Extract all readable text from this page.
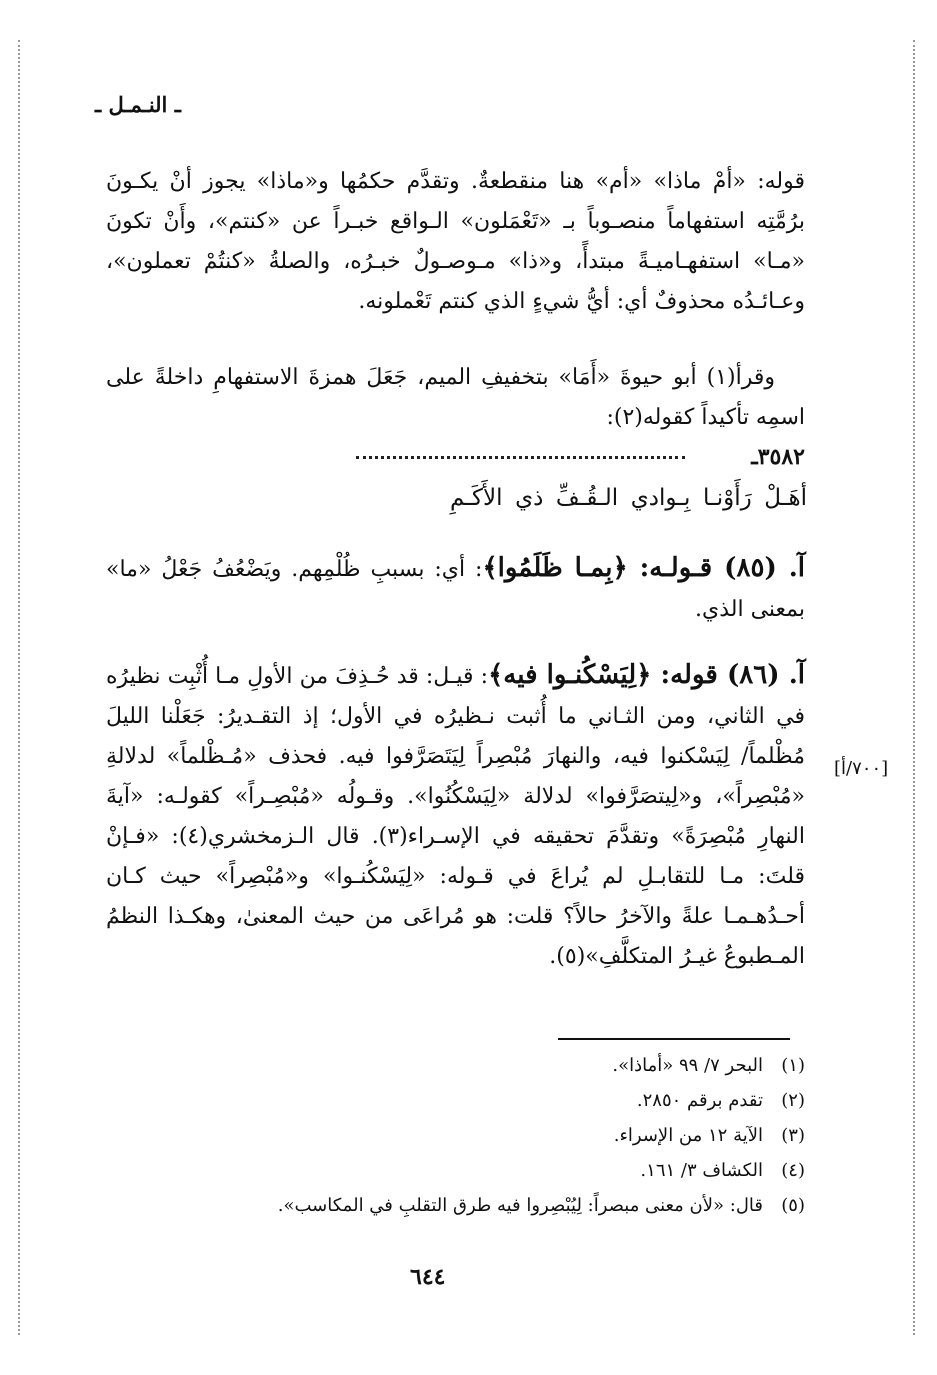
ـ النـمـل ـ
قوله: «أمْ ماذا» «أم» هنا منقطعةٌ. وتقدَّم حكمُها و«ماذا» يجوز أنْ يكـونَ برُمَّتِه استفهاماً منصـوباً بـ «تَعْمَلون» الـواقع خبـراً عن «كنتم»، وأَنْ تكونَ «مـا» استفهـاميـةً مبتدأً، و«ذا» مـوصـولٌ خبـرُه، والصلةُ «كنتُمْ تعملون»، وعـائـدُه محذوفٌ أي: أيُّ شيءٍ الذي كنتم تَعْملونه.
وقرأ(١) أبو حيوةَ «أَمَا» بتخفيفِ الميم، جَعَلَ همزةَ الاستفهامِ داخلةً على اسمِه تأكيداً كقوله(٢):
٣٥٨٢ـ
أهَـلْ رَأَوْنـا بِـوادي الـقُـفِّ ذي الأَكَـمِ
آ. (٨٥) قـولـه: ﴿بِمـا ظَلَمُوا﴾: أي: بسببِ ظُلْمِهم. ويَضْعُفُ جَعْلُ «ما» بمعنى الذي.
آ. (٨٦) قوله: ﴿لِيَسْكُنـوا فيه﴾: قيـل: قد حُـذِفَ من الأولِ مـا أُثْبِت نظيرُه في الثاني، ومن الثـاني ما أُثبت نـظيرُه في الأول؛ إذ التقـديرُ: جَعَلْنا الليلَ مُظْلماً/ لِيَسْكنوا فيه، والنهارَ مُبْصِراً لِيَتَصَرَّفوا فيه. فحذف «مُـظْلماً» لدلالةِ «مُبْصِراً»، و«لِيتصَرَّفوا» لدلالة «لِيَسْكُنُوا». وقـولُه «مُبْصِـراً» كقولـه: «آيةَ النهارِ مُبْصِرَةً» وتقدَّمَ تحقيقه في الإسـراء(٣). قال الـزمخشري(٤): «فـإنْ قلتَ: مـا للتقابـلِ لم يُراعَ في قـوله: «لِيَسْكُنـوا» و«مُبْصِراً» حيث كـان أحـدُهـمـا علةً والآخرُ حالاً؟ قلت: هو مُراعَى من حيث المعنىٰ، وهكـذا النظمُ المـطبوعُ غيـرُ المتكلَّفِ»(٥).
[٧٠٠/أ]
(١)البحر ٧/ ٩٩ «أماذا».
(٢)تقدم برقم ٢٨٥٠.
(٣)الآية ١٢ من الإسراء.
(٤)الكشاف ٣/ ١٦١.
(٥)قال: «لأن معنى مبصراً: لِيُبْصِروا فيه طرق التقلبِ في المكاسب».
٦٤٤
